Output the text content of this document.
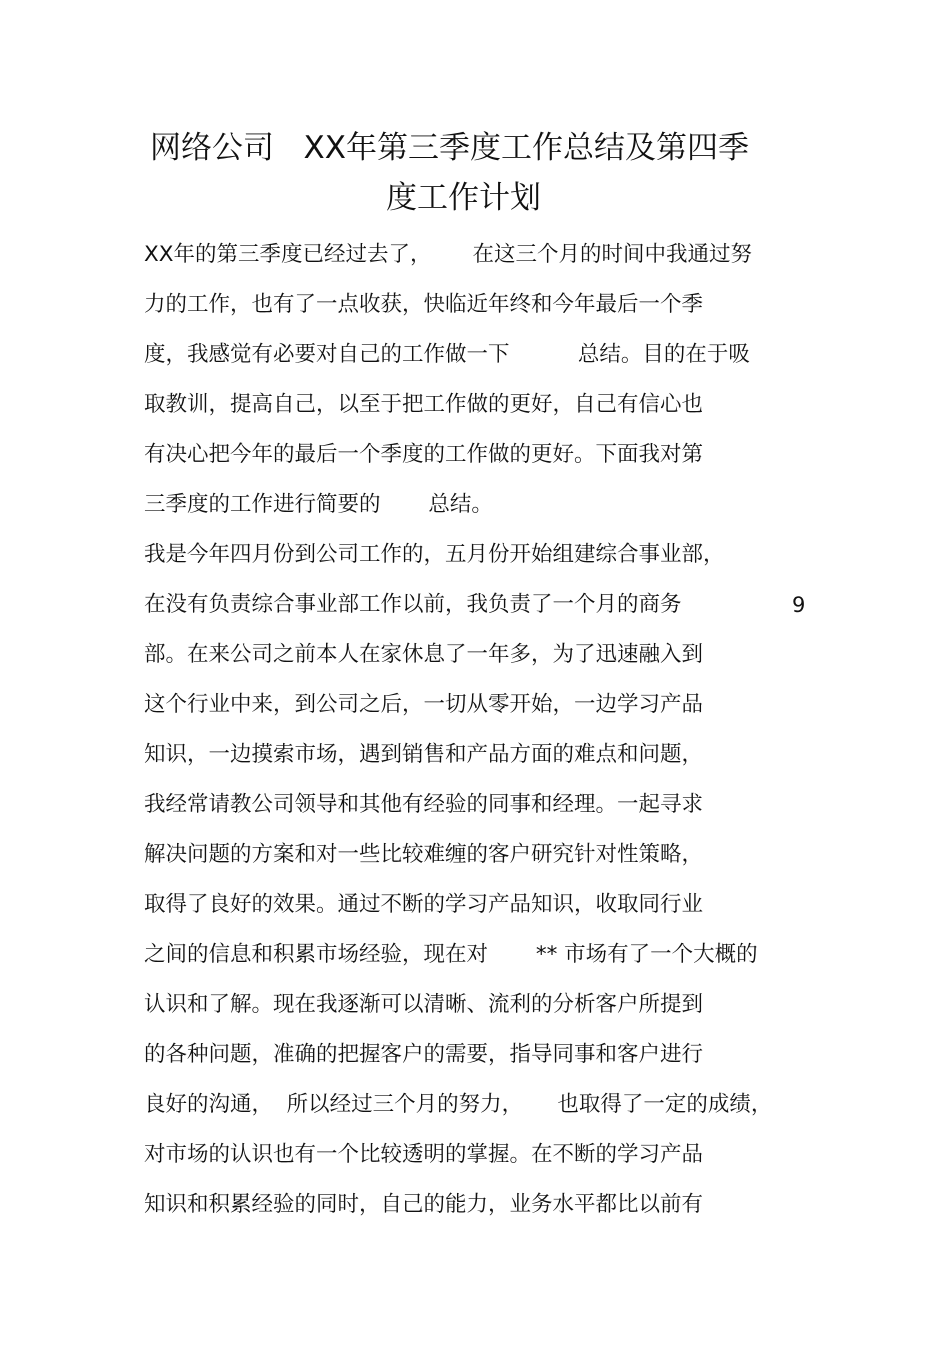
网络公司   XX年第三季度工作总结及第四季
度工作计划
XX年的第三季度已经过去了，      在这三个月的时间中我通过努
力的工作，也有了一点收获，快临近年终和今年最后一个季
度，我感觉有必要对自己的工作做一下          总结。目的在于吸
取教训，提高自己，以至于把工作做的更好，自己有信心也
有决心把今年的最后一个季度的工作做的更好。下面我对第
三季度的工作进行简要的       总结。
我是今年四月份到公司工作的，五月份开始组建综合事业部，
在没有负责综合事业部工作以前，我负责了一个月的商务
部。在来公司之前本人在家休息了一年多，为了迅速融入到
这个行业中来，到公司之后，一切从零开始，一边学习产品
知识，一边摸索市场，遇到销售和产品方面的难点和问题，
我经常请教公司领导和其他有经验的同事和经理。一起寻求
解决问题的方案和对一些比较难缠的客户研究针对性策略，
取得了良好的效果。通过不断的学习产品知识，收取同行业
之间的信息和积累市场经验，现在对       ** 市场有了一个大概的
认识和了解。现在我逐渐可以清晰、流利的分析客户所提到
的各种问题，准确的把握客户的需要，指导同事和客户进行
良好的沟通，  所以经过三个月的努力，     也取得了一定的成绩，
对市场的认识也有一个比较透明的掌握。在不断的学习产品
知识和积累经验的同时，自己的能力，业务水平都比以前有
9
